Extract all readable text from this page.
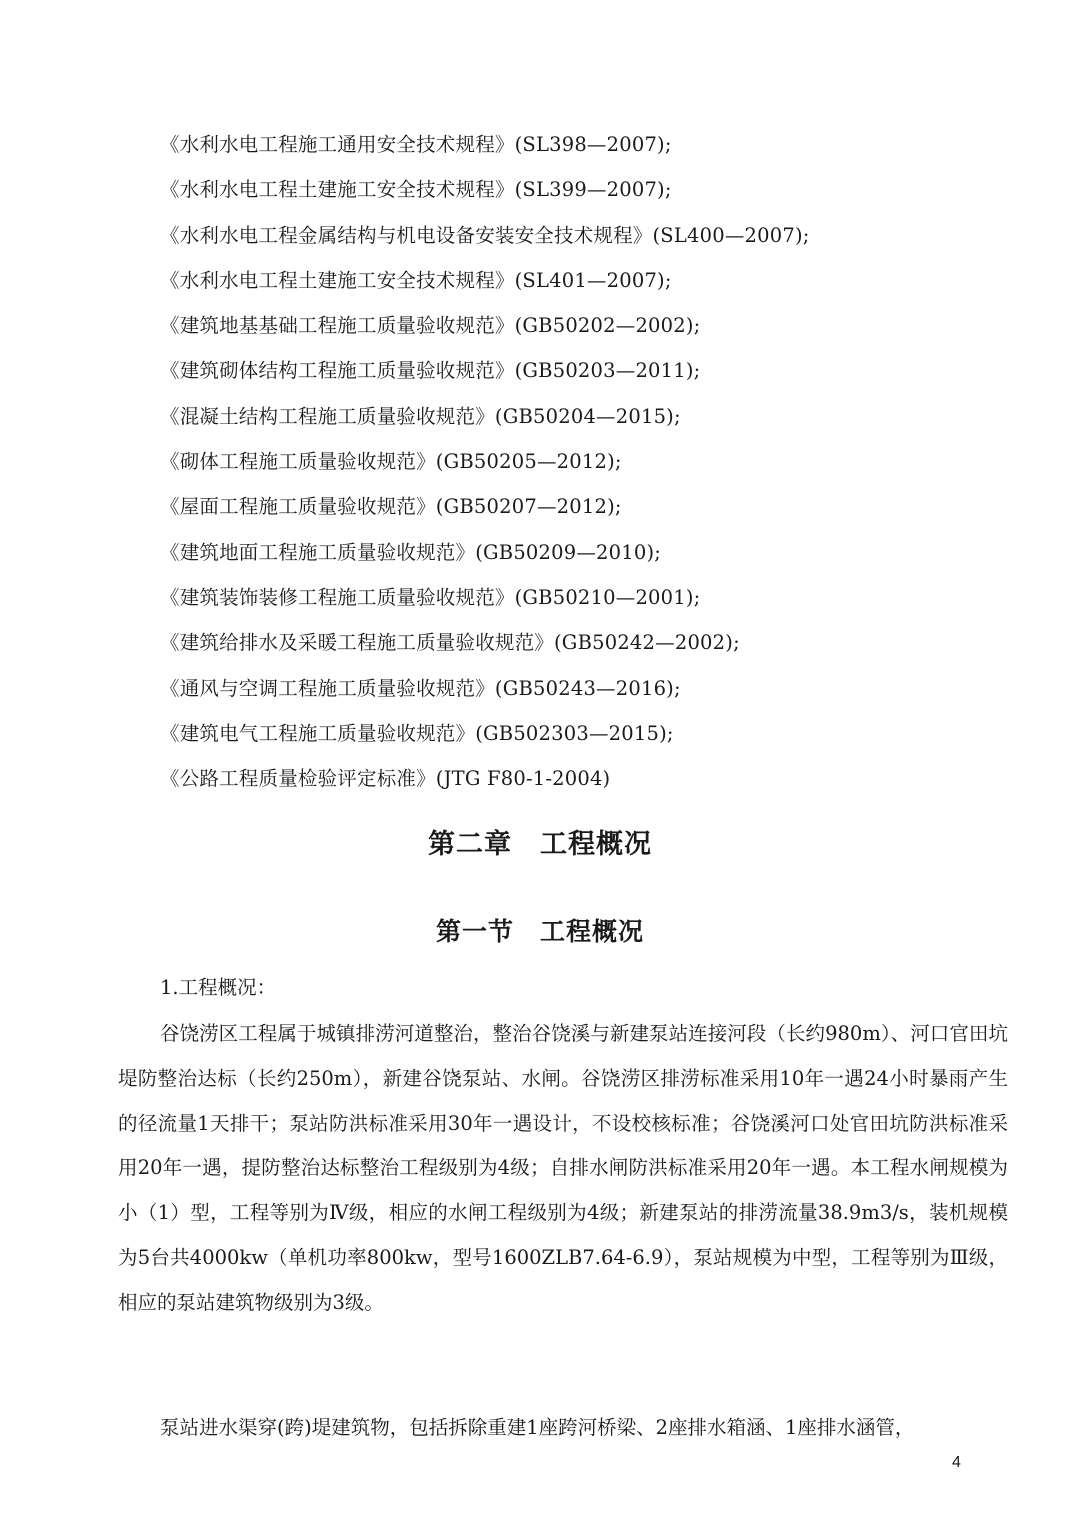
《水利水电工程施工通用安全技术规程》(SL398—2007);
《水利水电工程土建施工安全技术规程》(SL399—2007);
《水利水电工程金属结构与机电设备安装安全技术规程》(SL400—2007);
《水利水电工程土建施工安全技术规程》(SL401—2007);
《建筑地基基础工程施工质量验收规范》(GB50202—2002);
《建筑砌体结构工程施工质量验收规范》(GB50203—2011);
《混凝土结构工程施工质量验收规范》(GB50204—2015);
《砌体工程施工质量验收规范》(GB50205—2012);
《屋面工程施工质量验收规范》(GB50207—2012);
《建筑地面工程施工质量验收规范》(GB50209—2010);
《建筑装饰装修工程施工质量验收规范》(GB50210—2001);
《建筑给排水及采暖工程施工质量验收规范》(GB50242—2002);
《通风与空调工程施工质量验收规范》(GB50243—2016);
《建筑电气工程施工质量验收规范》(GB502303—2015);
《公路工程质量检验评定标准》(JTG F80-1-2004)
第二章　工程概况
第一节　工程概况
1.工程概况：

谷饶涝区工程属于城镇排涝河道整治，整治谷饶溪与新建泵站连接河段（长约980m）、河口官田坑堤防整治达标（长约250m），新建谷饶泵站、水闸。谷饶涝区排涝标准采用10年一遇24小时暴雨产生的径流量1天排干；泵站防洪标准采用30年一遇设计，不设校核标准；谷饶溪河口处官田坑防洪标准采用20年一遇，提防整治达标整治工程级别为4级；自排水闸防洪标准采用20年一遇。本工程水闸规模为小（1）型，工程等别为Ⅳ级，相应的水闸工程级别为4级；新建泵站的排涝流量38.9m3/s，装机规模为5台共4000kw（单机功率800kw，型号1600ZLB7.64-6.9），泵站规模为中型，工程等别为Ⅲ级，相应的泵站建筑物级别为3级。

泵站进水渠穿(跨)堤建筑物，包括拆除重建1座跨河桥梁、2座排水箱涵、1座排水涵管，

4
